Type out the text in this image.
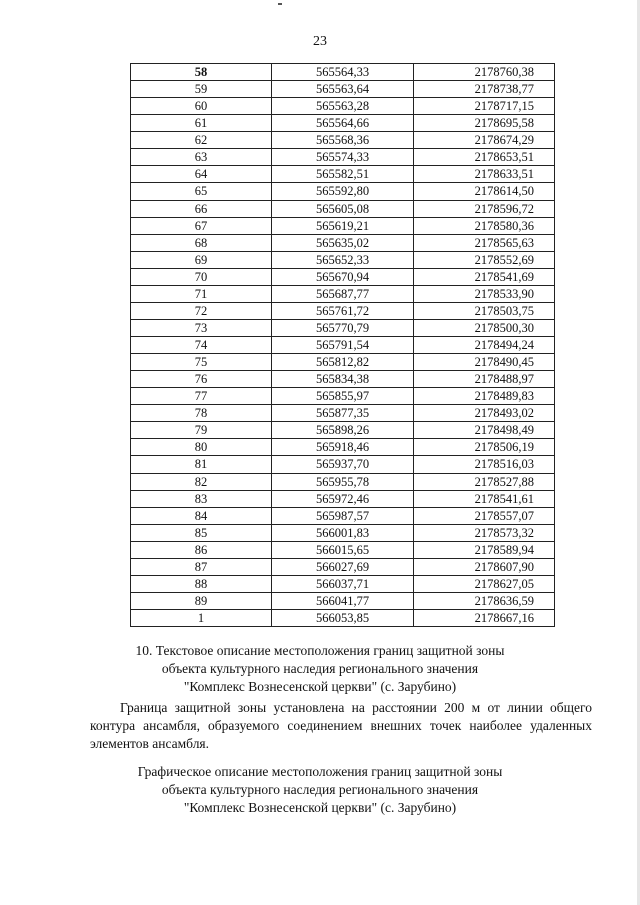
23
58	565564,33	2178760,38
59	565563,64	2178738,77
60	565563,28	2178717,15
61	565564,66	2178695,58
62	565568,36	2178674,29
63	565574,33	2178653,51
64	565582,51	2178633,51
65	565592,80	2178614,50
66	565605,08	2178596,72
67	565619,21	2178580,36
68	565635,02	2178565,63
69	565652,33	2178552,69
70	565670,94	2178541,69
71	565687,77	2178533,90
72	565761,72	2178503,75
73	565770,79	2178500,30
74	565791,54	2178494,24
75	565812,82	2178490,45
76	565834,38	2178488,97
77	565855,97	2178489,83
78	565877,35	2178493,02
79	565898,26	2178498,49
80	565918,46	2178506,19
81	565937,70	2178516,03
82	565955,78	2178527,88
83	565972,46	2178541,61
84	565987,57	2178557,07
85	566001,83	2178573,32
86	566015,65	2178589,94
87	566027,69	2178607,90
88	566037,71	2178627,05
89	566041,77	2178636,59
1	566053,85	2178667,16
10. Текстовое описание местоположения границ защитной зоны
объекта культурного наследия регионального значения
"Комплекс Вознесенской церкви" (с. Зарубино)
Граница защитной зоны установлена на расстоянии 200 м от линии общего контура ансамбля, образуемого соединением внешних точек наиболее удаленных элементов ансамбля.
Графическое описание местоположения границ защитной зоны
объекта культурного наследия регионального значения
"Комплекс Вознесенской церкви" (с. Зарубино)
